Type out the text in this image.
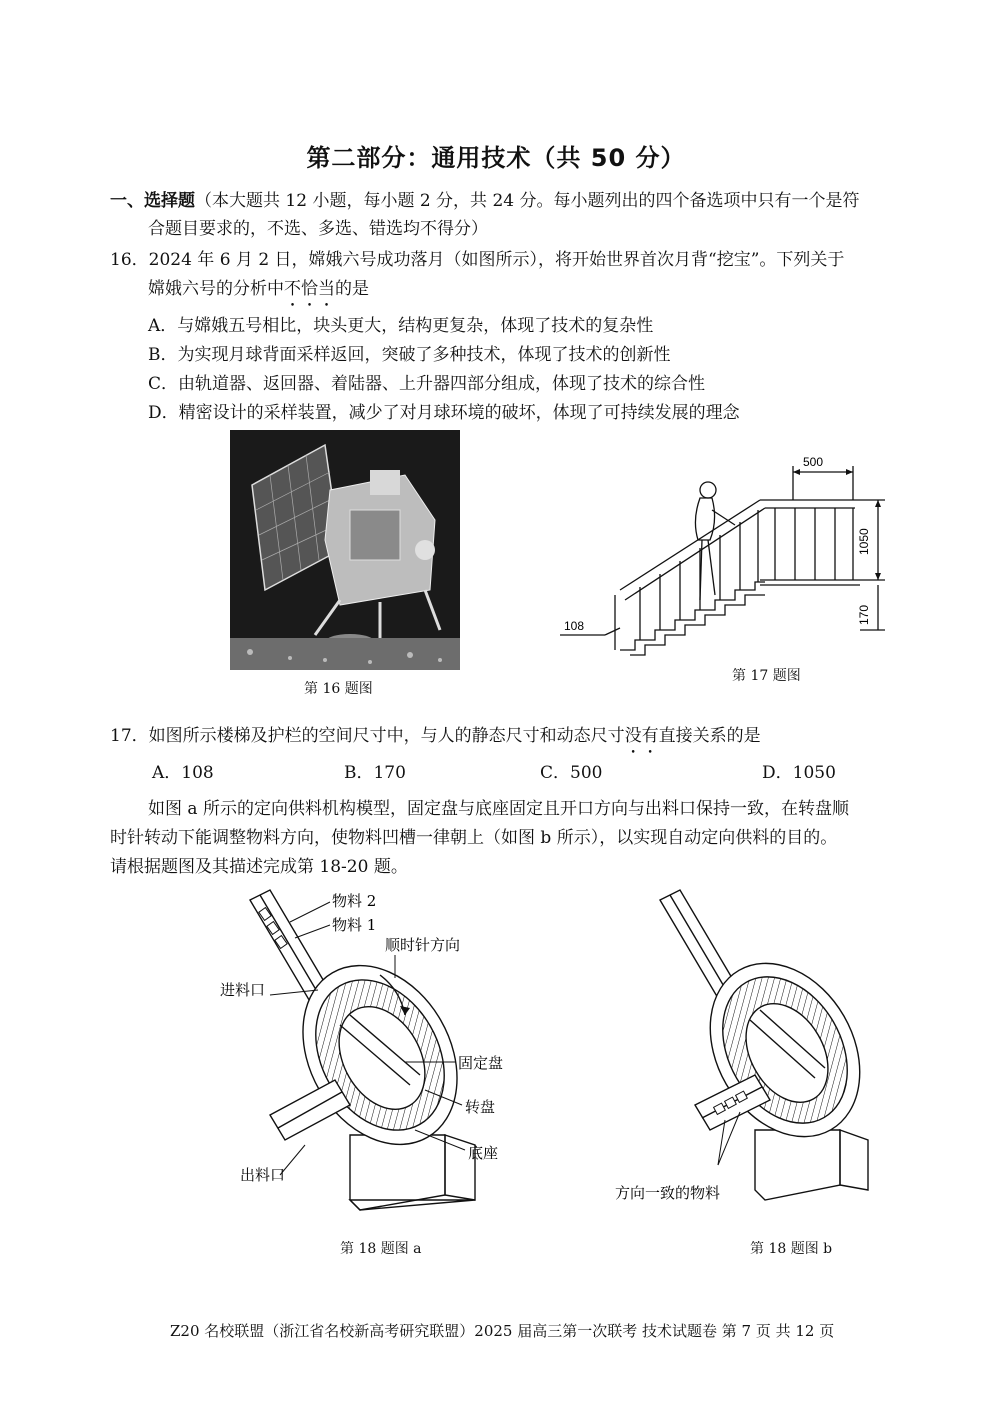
第二部分：通用技术（共 50 分）
一、选择题（本大题共 12 小题，每小题 2 分，共 24 分。每小题列出的四个备选项中只有一个是符
合题目要求的，不选、多选、错选均不得分）
16．2024 年 6 月 2 日，嫦娥六号成功落月（如图所示），将开始世界首次月背“挖宝”。下列关于
嫦娥六号的分析中不恰当的是
A．与嫦娥五号相比，块头更大，结构更复杂，体现了技术的复杂性
B．为实现月球背面采样返回，突破了多种技术，体现了技术的创新性
C．由轨道器、返回器、着陆器、上升器四部分组成，体现了技术的综合性
D．精密设计的采样装置，减少了对月球环境的破坏，体现了可持续发展的理念
第 16 题图
500
1050
170
108
第 17 题图
17．如图所示楼梯及护栏的空间尺寸中，与人的静态尺寸和动态尺寸没有直接关系的是
A．108	B．170	C．500	D．1050
如图 a 所示的定向供料机构模型，固定盘与底座固定且开口方向与出料口保持一致，在转盘顺
时针转动下能调整物料方向，使物料凹槽一律朝上（如图 b 所示），以实现自动定向供料的目的。
请根据题图及其描述完成第 18-20 题。
物料 2
物料 1
顺时针方向
进料口
固定盘
转盘
底座
出料口
第 18 题图 a
方向一致的物料
第 18 题图 b
Z20 名校联盟（浙江省名校新高考研究联盟）2025 届高三第一次联考 技术试题卷 第 7 页 共 12 页
